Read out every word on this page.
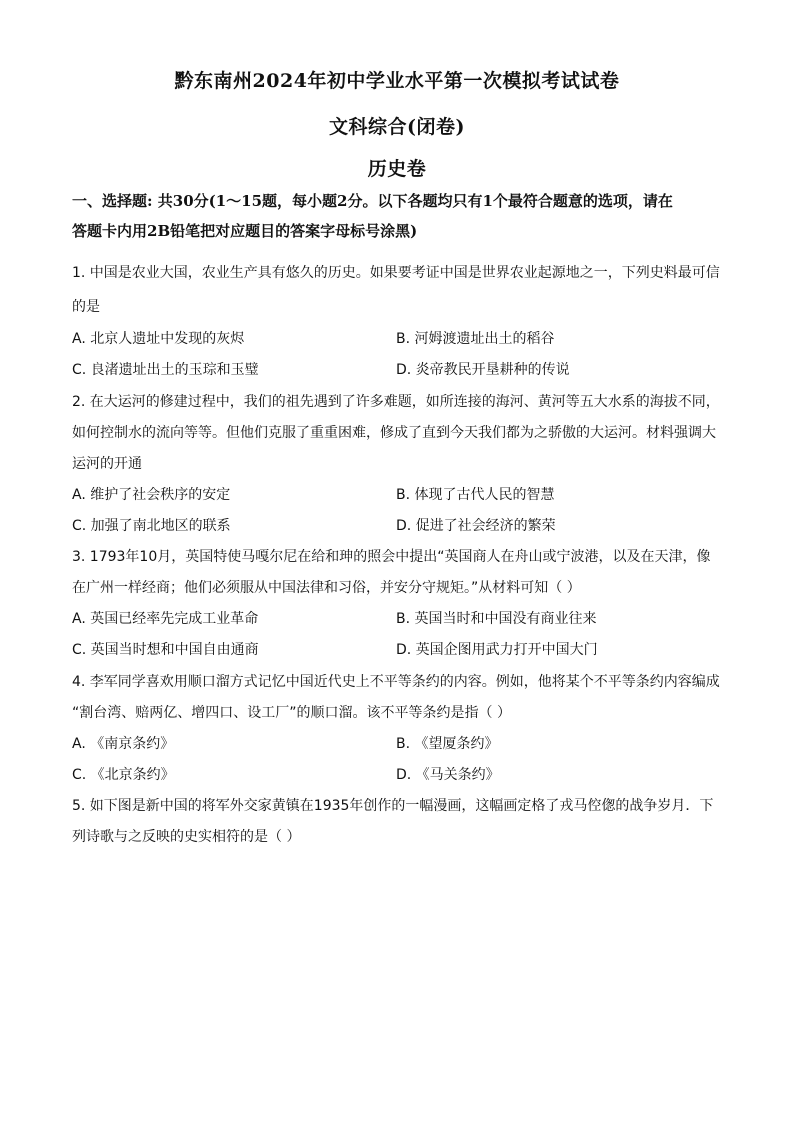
黔东南州2024年初中学业水平第一次模拟考试试卷
文科综合(闭卷)
历史卷
一、选择题: 共30分(1～15题，每小题2分。以下各题均只有1个最符合题意的选项，请在
答题卡内用2B铅笔把对应题目的答案字母标号涂黑)
1. 中国是农业大国，农业生产具有悠久的历史。如果要考证中国是世界农业起源地之一，下列史料最可信
的是
A. 北京人遗址中发现的灰烬	B. 河姆渡遗址出土的稻谷
C. 良渚遗址出土的玉琮和玉璧	D. 炎帝教民开垦耕种的传说
2. 在大运河的修建过程中，我们的祖先遇到了许多难题，如所连接的海河、黄河等五大水系的海拔不同，
如何控制水的流向等等。但他们克服了重重困难，修成了直到今天我们都为之骄傲的大运河。材料强调大
运河的开通
A. 维护了社会秩序的安定	B. 体现了古代人民的智慧
C. 加强了南北地区的联系	D. 促进了社会经济的繁荣
3. 1793年10月，英国特使马嘎尔尼在给和珅的照会中提出“英国商人在舟山或宁波港，以及在天津，像
在广州一样经商；他们必须服从中国法律和习俗，并安分守规矩。”从材料可知（ ）
A. 英国已经率先完成工业革命	B. 英国当时和中国没有商业往来
C. 英国当时想和中国自由通商	D. 英国企图用武力打开中国大门
4. 李军同学喜欢用顺口溜方式记忆中国近代史上不平等条约的内容。例如，他将某个不平等条约内容编成
“割台湾、赔两亿、增四口、设工厂”的顺口溜。该不平等条约是指（ ）
A. 《南京条约》	B. 《望厦条约》
C. 《北京条约》	D. 《马关条约》
5. 如下图是新中国的将军外交家黄镇在1935年创作的一幅漫画，这幅画定格了戎马倥偬的战争岁月．下
列诗歌与之反映的史实相符的是（ ）
